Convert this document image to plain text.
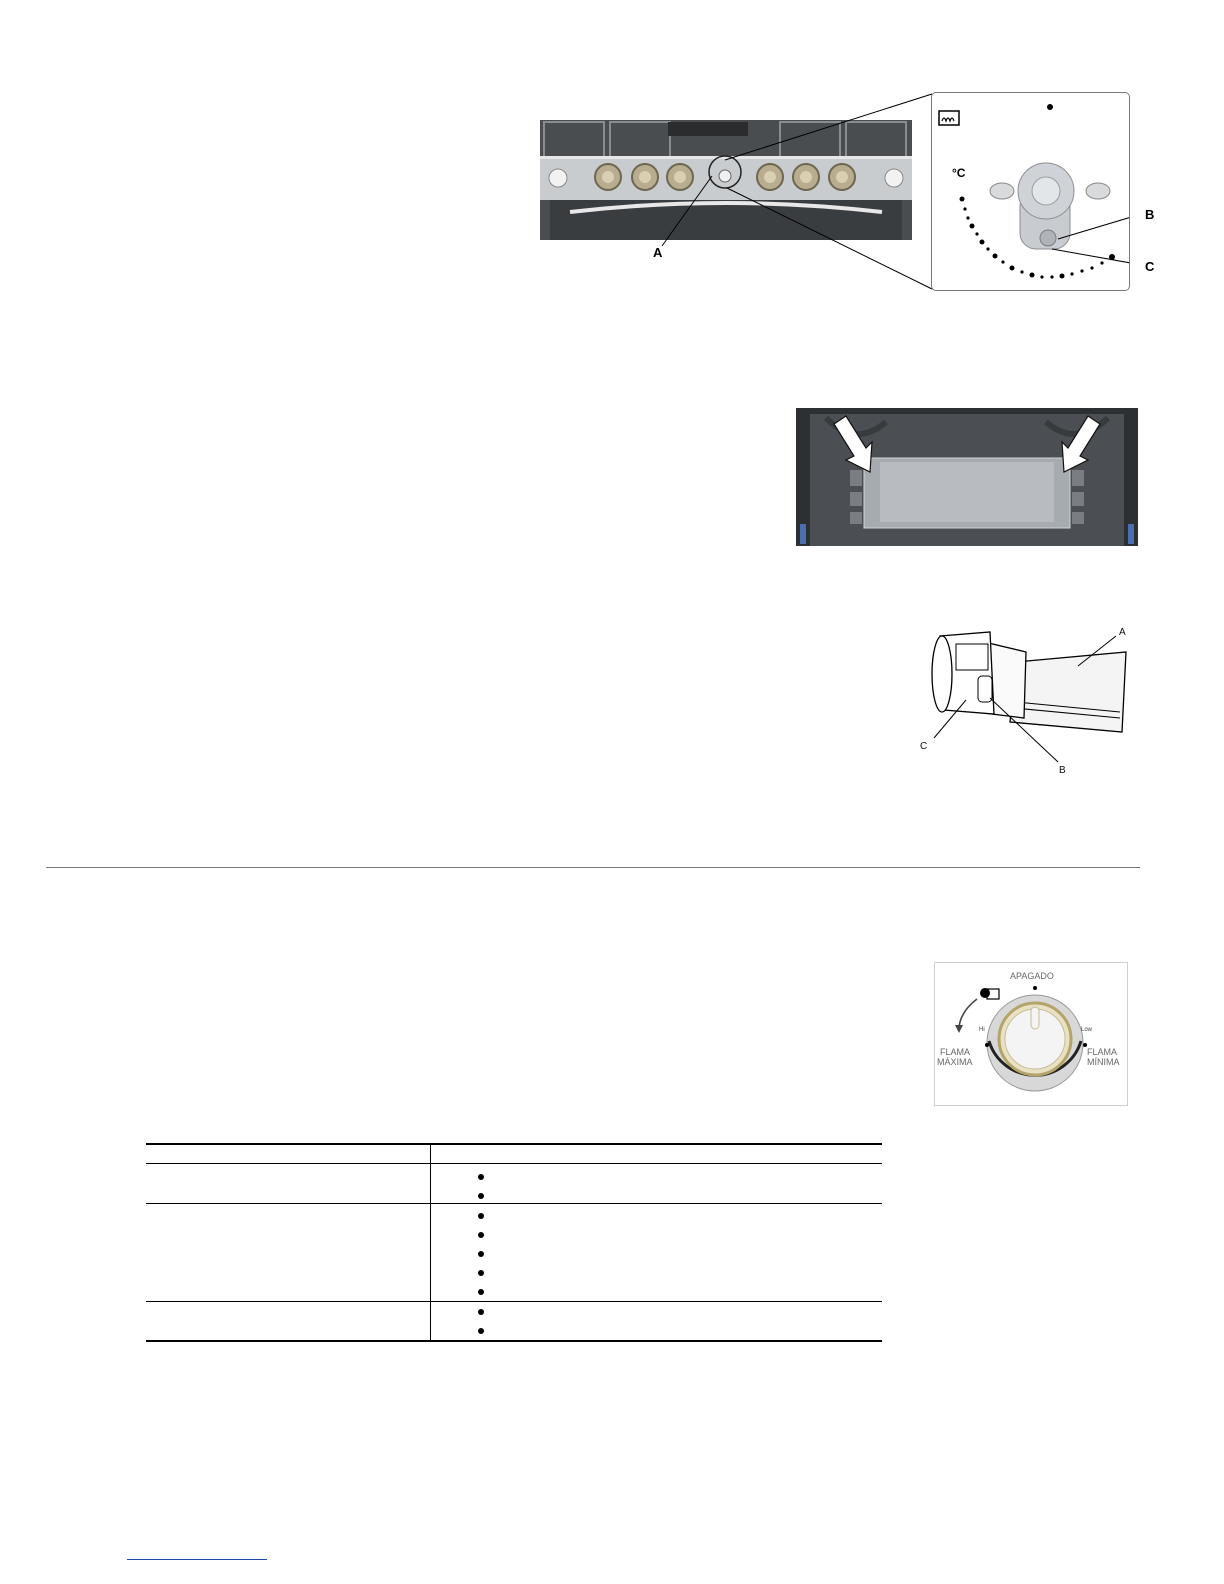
A
°C
B
C
A
C
B
APAGADO
Hi	Low
FLAMA
MÁXIMA
FLAMA
MÍNIMA
